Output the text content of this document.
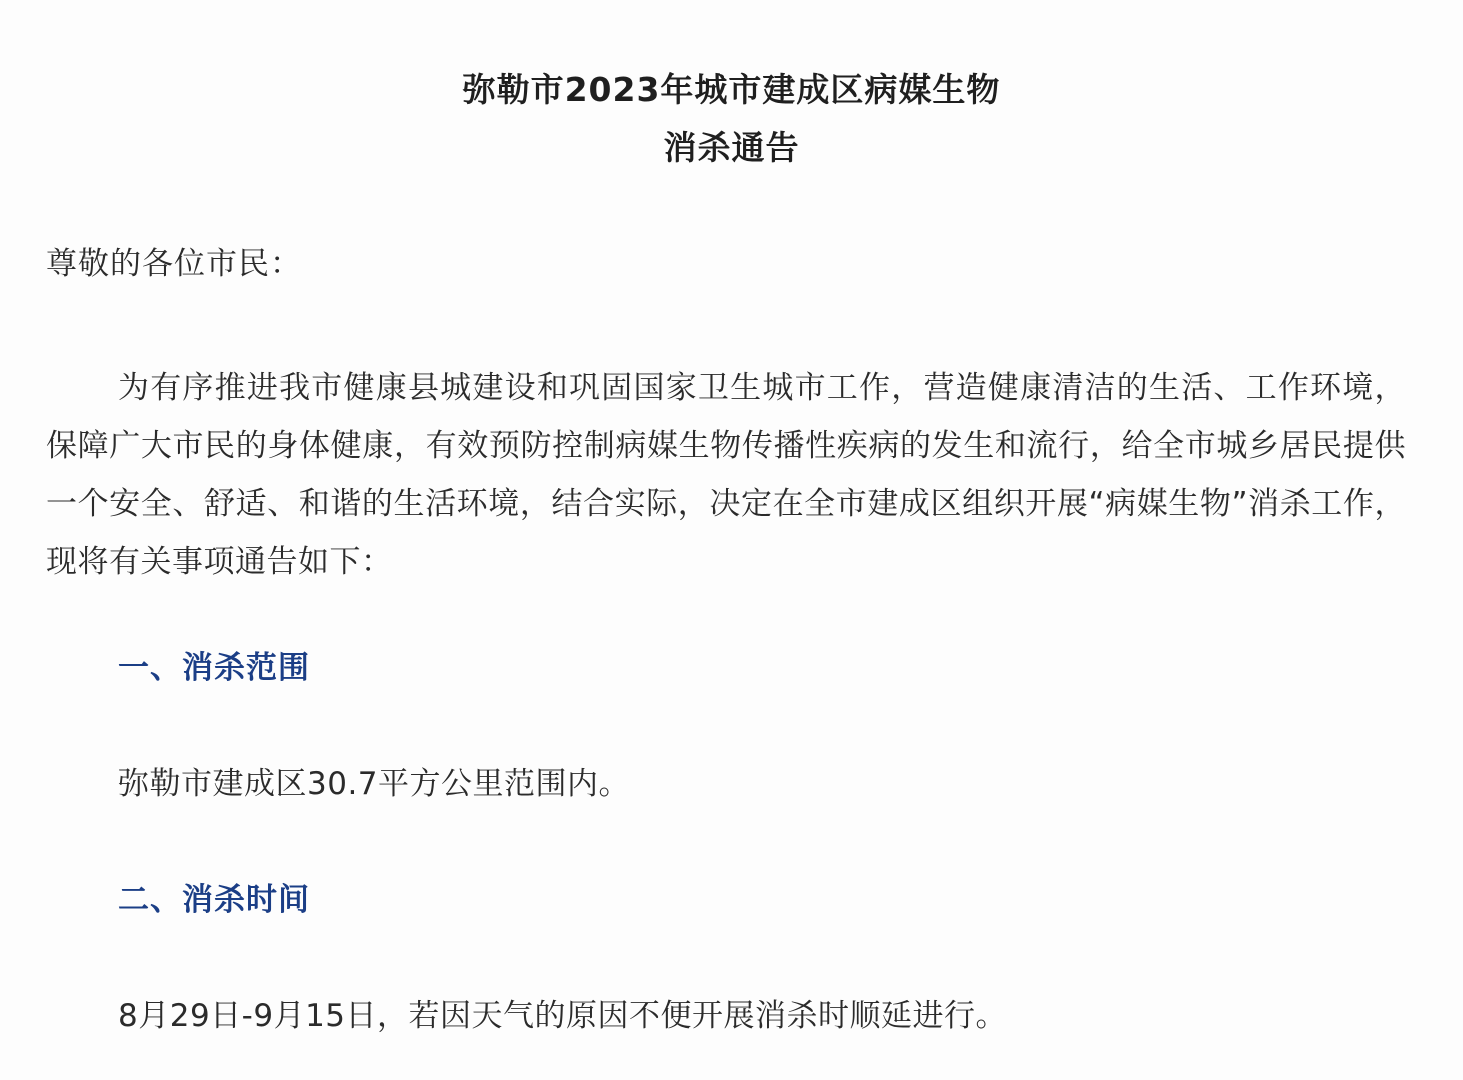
弥勒市2023年城市建成区病媒生物
消杀通告
尊敬的各位市民：
为有序推进我市健康县城建设和巩固国家卫生城市工作，营造健康清洁的生活、工作环境，保障广大市民的身体健康，有效预防控制病媒生物传播性疾病的发生和流行，给全市城乡居民提供一个安全、舒适、和谐的生活环境，结合实际，决定在全市建成区组织开展“病媒生物”消杀工作，现将有关事项通告如下：
一、消杀范围
弥勒市建成区30.7平方公里范围内。
二、消杀时间
8月29日-9月15日，若因天气的原因不便开展消杀时顺延进行。
